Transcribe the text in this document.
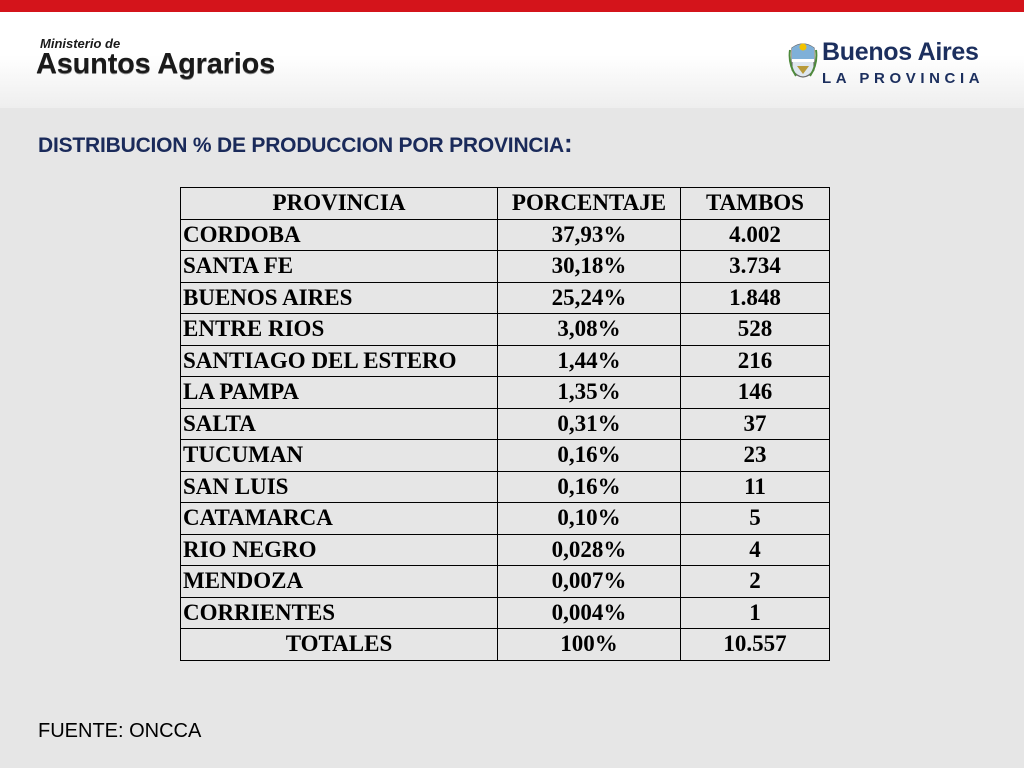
Ministerio de
Asuntos Agrarios	Buenos Aires
LA PROVINCIA
DISTRIBUCION % DE PRODUCCION POR PROVINCIA:
PROVINCIA	PORCENTAJE	TAMBOS
CORDOBA	37,93%	4.002
SANTA FE	30,18%	3.734
BUENOS AIRES	25,24%	1.848
ENTRE RIOS	3,08%	528
SANTIAGO DEL ESTERO	1,44%	216
LA PAMPA	1,35%	146
SALTA	0,31%	37
TUCUMAN	0,16%	23
SAN LUIS	0,16%	11
CATAMARCA	0,10%	5
RIO NEGRO	0,028%	4
MENDOZA	0,007%	2
CORRIENTES	0,004%	1
TOTALES	100%	10.557
FUENTE: ONCCA
